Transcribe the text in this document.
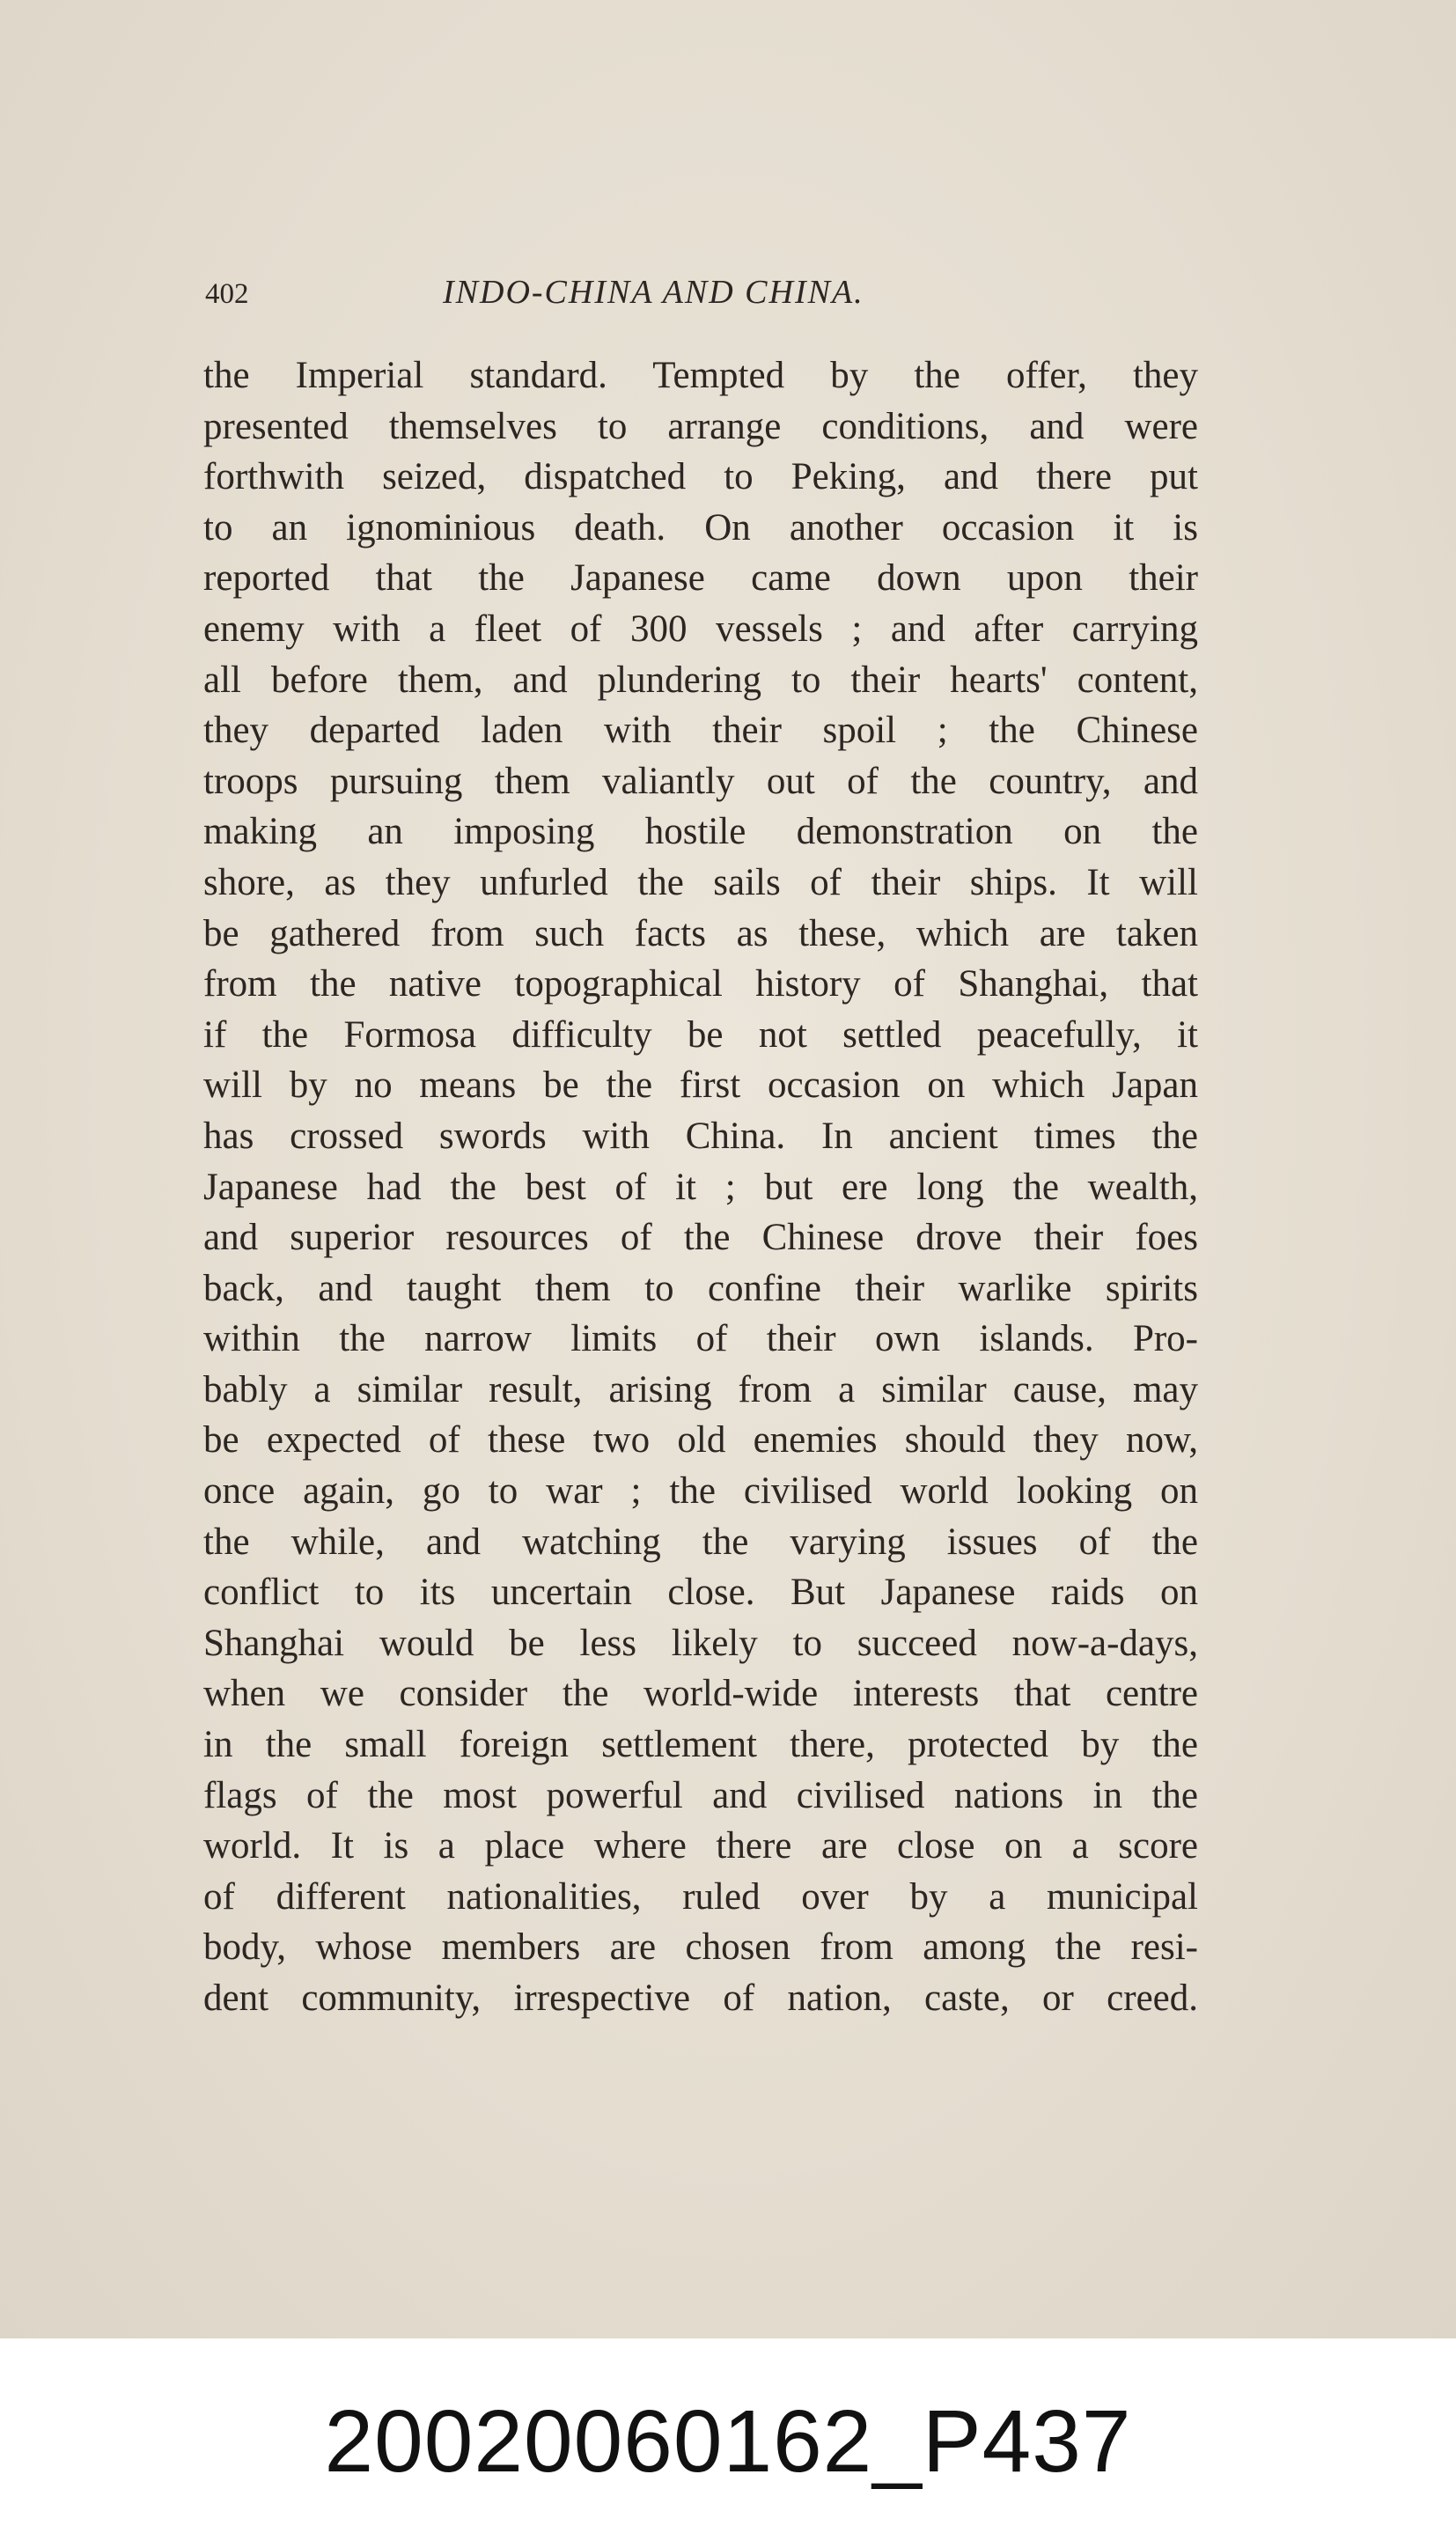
402	INDO-CHINA AND CHINA.
the Imperial standard. Tempted by the offer, they
presented themselves to arrange conditions, and were
forthwith seized, dispatched to Peking, and there put
to an ignominious death. On another occasion it is
reported that the Japanese came down upon their
enemy with a fleet of 300 vessels ; and after carrying
all before them, and plundering to their hearts' content,
they departed laden with their spoil ; the Chinese
troops pursuing them valiantly out of the country, and
making an imposing hostile demonstration on the
shore, as they unfurled the sails of their ships. It will
be gathered from such facts as these, which are taken
from the native topographical history of Shanghai, that
if the Formosa difficulty be not settled peacefully, it
will by no means be the first occasion on which Japan
has crossed swords with China. In ancient times the
Japanese had the best of it ; but ere long the wealth,
and superior resources of the Chinese drove their foes
back, and taught them to confine their warlike spirits
within the narrow limits of their own islands. Pro-
bably a similar result, arising from a similar cause, may
be expected of these two old enemies should they now,
once again, go to war ; the civilised world looking on
the while, and watching the varying issues of the
conflict to its uncertain close. But Japanese raids on
Shanghai would be less likely to succeed now-a-days,
when we consider the world-wide interests that centre
in the small foreign settlement there, protected by the
flags of the most powerful and civilised nations in the
world. It is a place where there are close on a score
of different nationalities, ruled over by a municipal
body, whose members are chosen from among the resi-
dent community, irrespective of nation, caste, or creed.
20020060162_P437
